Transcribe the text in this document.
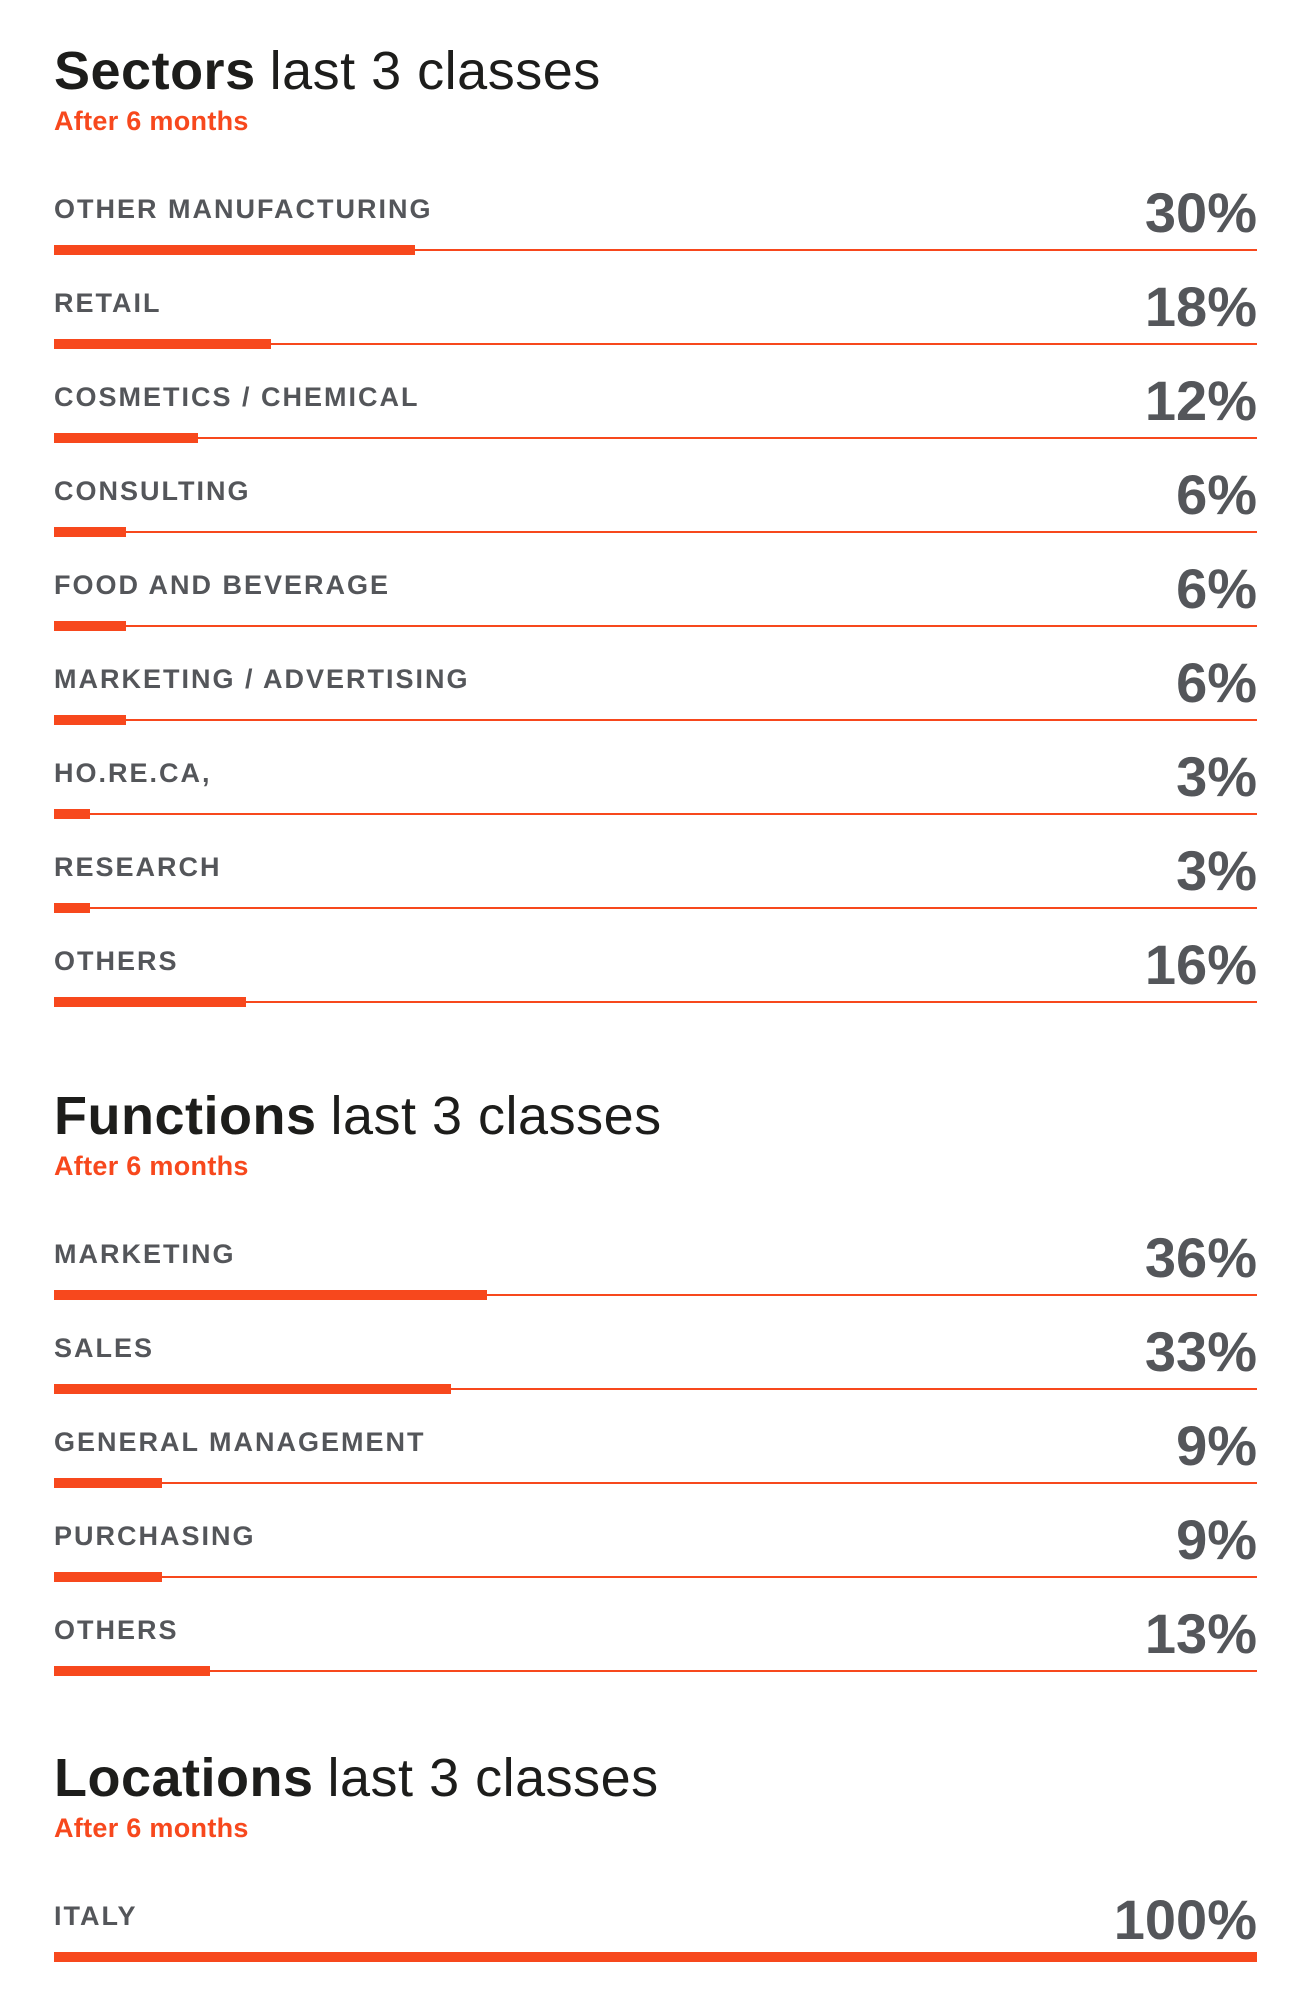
Sectors last 3 classes
After 6 months
OTHER MANUFACTURING	30%
RETAIL	18%
COSMETICS / CHEMICAL	12%
CONSULTING	6%
FOOD AND BEVERAGE	6%
MARKETING / ADVERTISING	6%
HO.RE.CA,	3%
RESEARCH	3%
OTHERS	16%
Functions last 3 classes
After 6 months
MARKETING	36%
SALES	33%
GENERAL MANAGEMENT	9%
PURCHASING	9%
OTHERS	13%
Locations last 3 classes
After 6 months
ITALY	100%
